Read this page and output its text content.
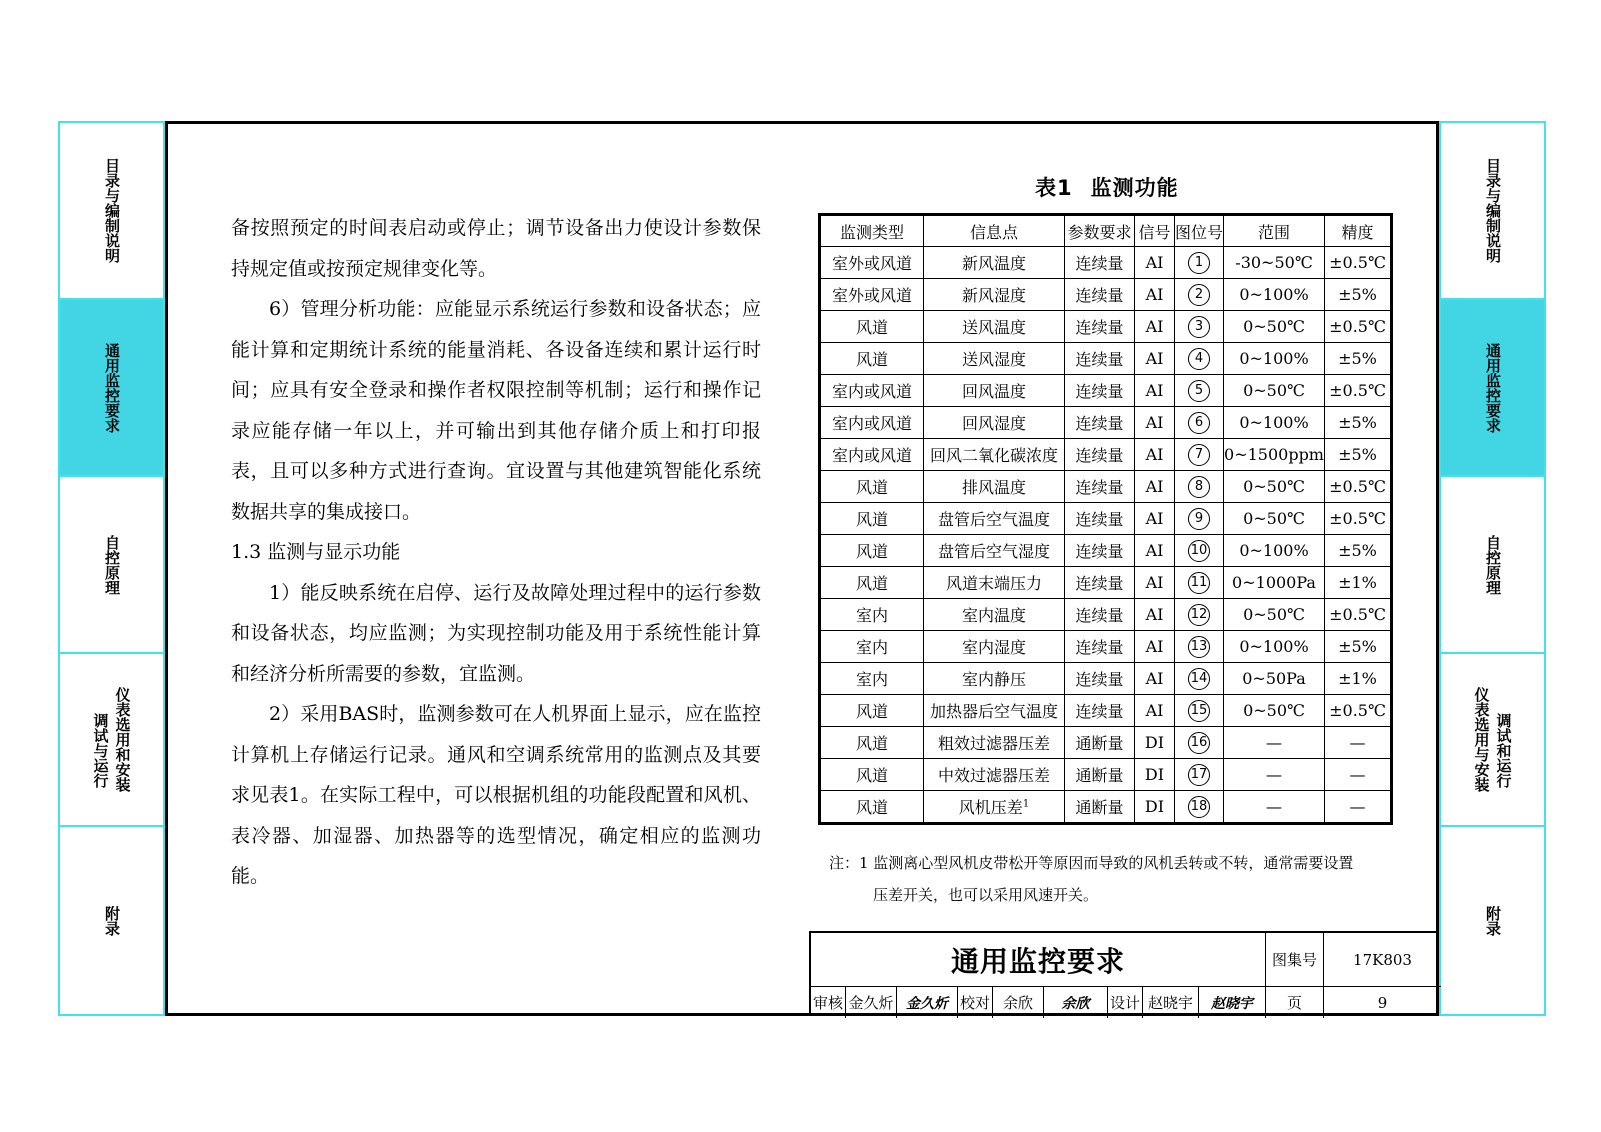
目录与编制说明
通用监控要求
自控原理
调试与运行 仪表选用和安装
附录
目录与编制说明
通用监控要求
自控原理
仪表选用与安装 调试和运行
附录

备按照预定的时间表启动或停止；调节设备出力使设计参数保持规定值或按预定规律变化等。

6）管理分析功能：应能显示系统运行参数和设备状态；应能计算和定期统计系统的能量消耗、各设备连续和累计运行时间；应具有安全登录和操作者权限控制等机制；运行和操作记录应能存储一年以上，并可输出到其他存储介质上和打印报表，且可以多种方式进行查询。宜设置与其他建筑智能化系统数据共享的集成接口。

1.3 监测与显示功能

1）能反映系统在启停、运行及故障处理过程中的运行参数和设备状态，均应监测；为实现控制功能及用于系统性能计算和经济分析所需要的参数，宜监测。

2）采用BAS时，监测参数可在人机界面上显示，应在监控计算机上存储运行记录。通风和空调系统常用的监测点及其要求见表1。在实际工程中，可以根据机组的功能段配置和风机、表冷器、加湿器、加热器等的选型情况，确定相应的监测功能。

表1 监测功能
监测类型	信息点	参数要求	信号	图位号	范围	精度
室外或风道	新风温度	连续量	AI	1	-30~50℃	±0.5℃
室外或风道	新风湿度	连续量	AI	2	0~100%	±5%
风道	送风温度	连续量	AI	3	0~50℃	±0.5℃
风道	送风湿度	连续量	AI	4	0~100%	±5%
室内或风道	回风温度	连续量	AI	5	0~50℃	±0.5℃
室内或风道	回风湿度	连续量	AI	6	0~100%	±5%
室内或风道	回风二氧化碳浓度	连续量	AI	7	0~1500ppm	±5%
风道	排风温度	连续量	AI	8	0~50℃	±0.5℃
风道	盘管后空气温度	连续量	AI	9	0~50℃	±0.5℃
风道	盘管后空气湿度	连续量	AI	10	0~100%	±5%
风道	风道末端压力	连续量	AI	11	0~1000Pa	±1%
室内	室内温度	连续量	AI	12	0~50℃	±0.5℃
室内	室内湿度	连续量	AI	13	0~100%	±5%
室内	室内静压	连续量	AI	14	0~50Pa	±1%
风道	加热器后空气温度	连续量	AI	15	0~50℃	±0.5℃
风道	粗效过滤器压差	通断量	DI	16	—	—
风道	中效过滤器压差	通断量	DI	17	—	—
风道	风机压差$^1$	通断量	DI	18	—	—
注：1 监测离心型风机皮带松开等原因而导致的风机丢转或不转，通常需要设置
压差开关，也可以采用风速开关。
通用监控要求	图集号	17K803
审核 金久炘 金久炘 校对 余欣	余欣	设计 赵晓宇	赵晓宇	页	9
